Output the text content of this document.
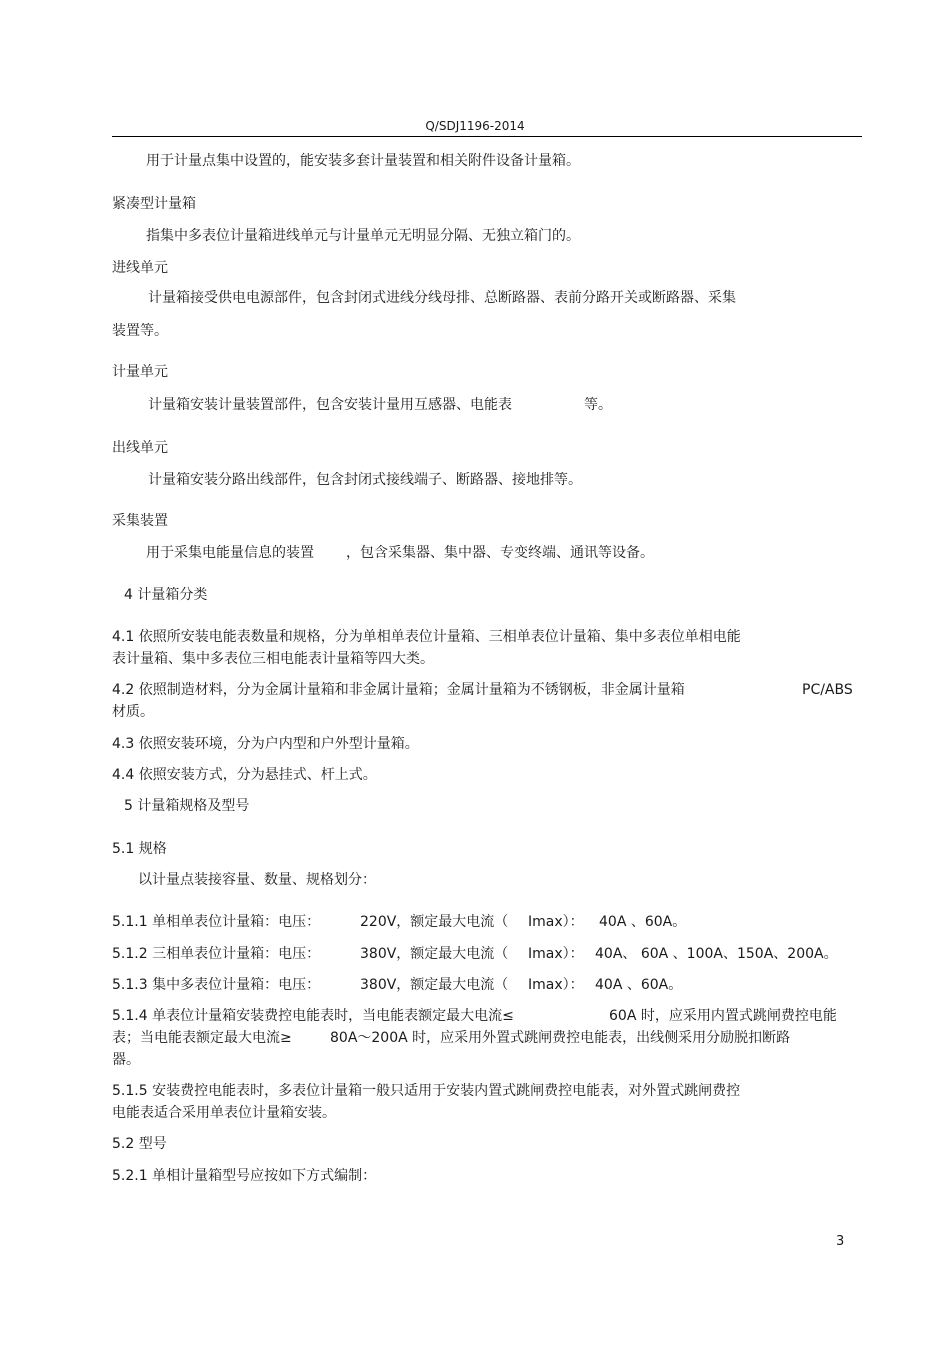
Q/SDJ1196-2014
用于计量点集中设置的，能安装多套计量装置和相关附件设备计量箱。
紧凑型计量箱
指集中多表位计量箱进线单元与计量单元无明显分隔、无独立箱门的。
进线单元
计量箱接受供电电源部件，包含封闭式进线分线母排、总断路器、表前分路开关或断路器、采集
装置等。
计量单元
计量箱安装计量装置部件，包含安装计量用互感器、电能表	等。
出线单元
计量箱安装分路出线部件，包含封闭式接线端子、断路器、接地排等。
采集装置
用于采集电能量信息的装置 ，包含采集器、集中器、专变终端、通讯等设备。
4 计量箱分类
4.1 依照所安装电能表数量和规格，分为单相单表位计量箱、三相单表位计量箱、集中多表位单相电能
表计量箱、集中多表位三相电能表计量箱等四大类。
4.2 依照制造材料，分为金属计量箱和非金属计量箱；金属计量箱为不锈钢板，非金属计量箱	PC/ABS
材质。
4.3 依照安装环境，分为户内型和户外型计量箱。
4.4 依照安装方式，分为悬挂式、杆上式。
5 计量箱规格及型号
5.1 规格
以计量点装接容量、数量、规格划分：
5.1.1 单相单表位计量箱：电压：	220V，额定最大电流（ Imax）： 40A 、60A。
5.1.2 三相单表位计量箱：电压：	380V，额定最大电流（ Imax）： 40A、 60A 、100A、150A、200A。
5.1.3 集中多表位计量箱：电压：	380V，额定最大电流（ Imax）： 40A 、60A。
5.1.4 单表位计量箱安装费控电能表时，当电能表额定最大电流≤	60A 时，应采用内置式跳闸费控电能
表；当电能表额定最大电流≥	80A～200A 时，应采用外置式跳闸费控电能表，出线侧采用分励脱扣断路
器。
5.1.5 安装费控电能表时，多表位计量箱一般只适用于安装内置式跳闸费控电能表，对外置式跳闸费控
电能表适合采用单表位计量箱安装。
5.2 型号
5.2.1 单相计量箱型号应按如下方式编制：
3
